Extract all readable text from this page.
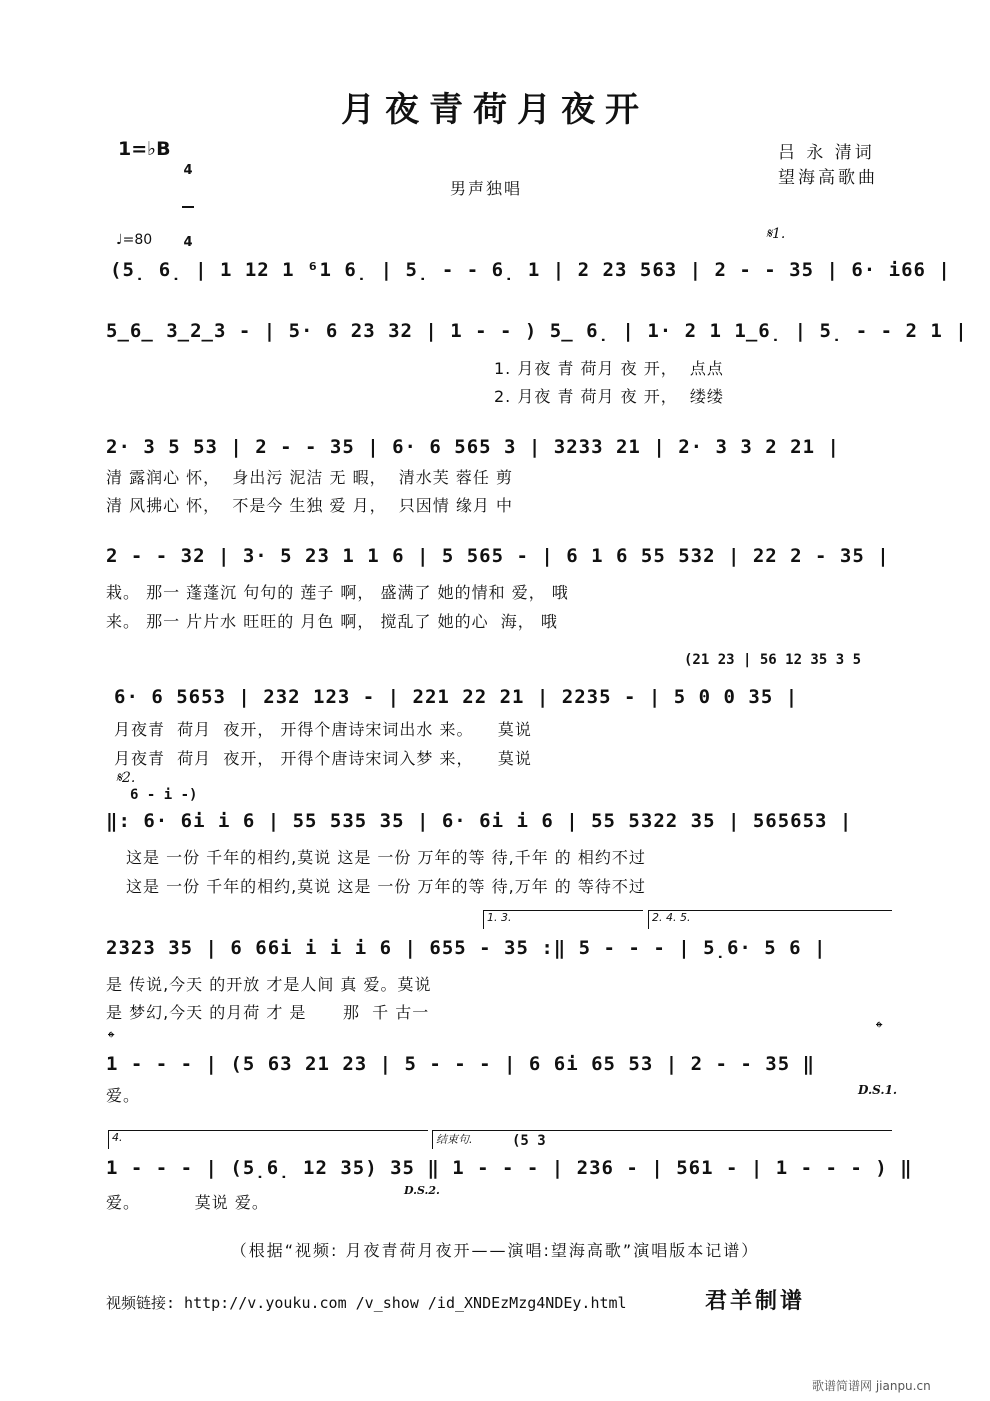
月夜青荷月夜开
1=♭B

4

4

吕 永 清词
望海高歌曲
男声独唱
♩=80	𝄋1.
(5̣ 6̣ | 1 12 1 ⁶1 6̣ | 5̣ - - 6̣ 1 | 2 23 563 | 2 - - 35 | 6· i66 |
5̲6̲ 3̲2̲3 - | 5· 6 23 32 | 1 - - ) 5̲ 6̣ | 1· 2 1 1̲6̣ | 5̣ - - 2 1 |
1. 月夜 青 荷月 夜 开，  点点
2. 月夜 青 荷月 夜 开，  缕缕
2· 3 5 53 | 2 - - 35 | 6· 6 565 3 | 3233 21 | 2· 3 3 2 21 |
清 露润心 怀，  身出污 泥洁 无 暇，  清水芙 蓉任 剪
清 风拂心 怀，  不是今 生独 爱 月，  只因情 缘月 中
2 - - 32 | 3· 5 23 1 1 6 | 5 565 - | 6 1 6 55 532 | 22 2 - 35 |
栽。 那一 蓬蓬沉 句句的 莲子 啊， 盛满了 她的情和 爱， 哦
来。 那一 片片水 旺旺的 月色 啊， 搅乱了 她的心  海， 哦
(21 23 | 56 12 35 3 5
6· 6 5653 | 232 123 - | 221 22 21 | 2235 - | 5 0 0 35 |
月夜青  荷月  夜开， 开得个唐诗宋词出水 来。    莫说
月夜青  荷月  夜开， 开得个唐诗宋词入梦 来，    莫说
𝄋2.
6 - i -)
‖: 6· 6i i 6 | 55 535 35 | 6· 6i i 6 | 55 5322 35 | 565653 |
这是 一份 千年的相约,莫说 这是 一份 万年的等 待,千年 的 相约不过
这是 一份 千年的相约,莫说 这是 一份 万年的等 待,万年 的 等待不过
1. 3.	2. 4. 5.
2323 35 | 6 66i i i i 6 | 655 - 35 :‖ 5 - - - | 5̣6· 5 6 |
是 传说,今天 的开放 才是人间 真 爱。莫说
是 梦幻,今天 的月荷 才 是      那  千 古一
𝄌	𝄌
1 - - - | (5 63 21 23 | 5 - - - | 6 6i 65 53 | 2 - - 35 ‖
爱。	D.S.1.
4.	结束句.	(5 3
1 - - - | (5̣6̣ 12 35) 35 ‖ 1 - - - | 236 - | 561 - | 1 - - - ) ‖
爱。         莫说 爱。
D.S.2.
（根据“视频: 月夜青荷月夜开——演唱:望海高歌”演唱版本记谱）
视频链接: http://v.youku.com /v_show /id_XNDEzMzg4NDEy.html	君羊制谱
歌谱简谱网 jianpu.cn
